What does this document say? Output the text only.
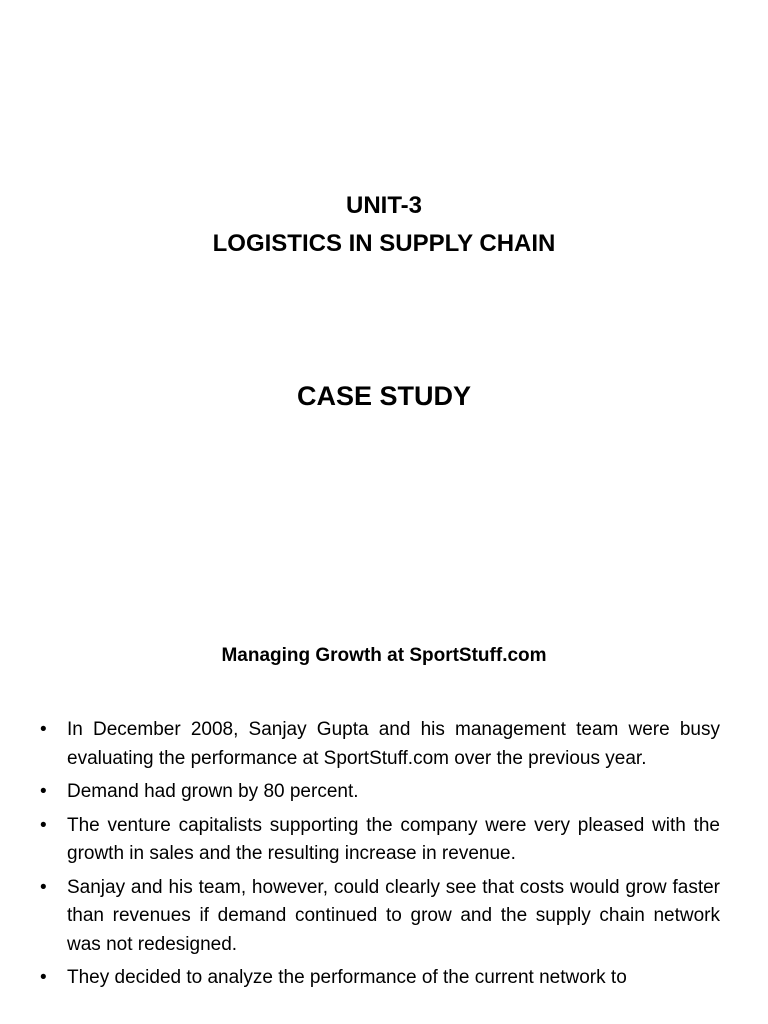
UNIT-3
LOGISTICS IN SUPPLY CHAIN
CASE STUDY
Managing Growth at SportStuff.com
•	In December 2008, Sanjay Gupta and his management team were busy evaluating the performance at SportStuff.com over the previous year.
•	Demand had grown by 80 percent.
•	The venture capitalists supporting the company were very pleased with the growth in sales and the resulting increase in revenue.
•	Sanjay and his team, however, could clearly see that costs would grow faster than revenues if demand continued to grow and the supply chain network was not redesigned.
•	They decided to analyze the performance of the current network to
